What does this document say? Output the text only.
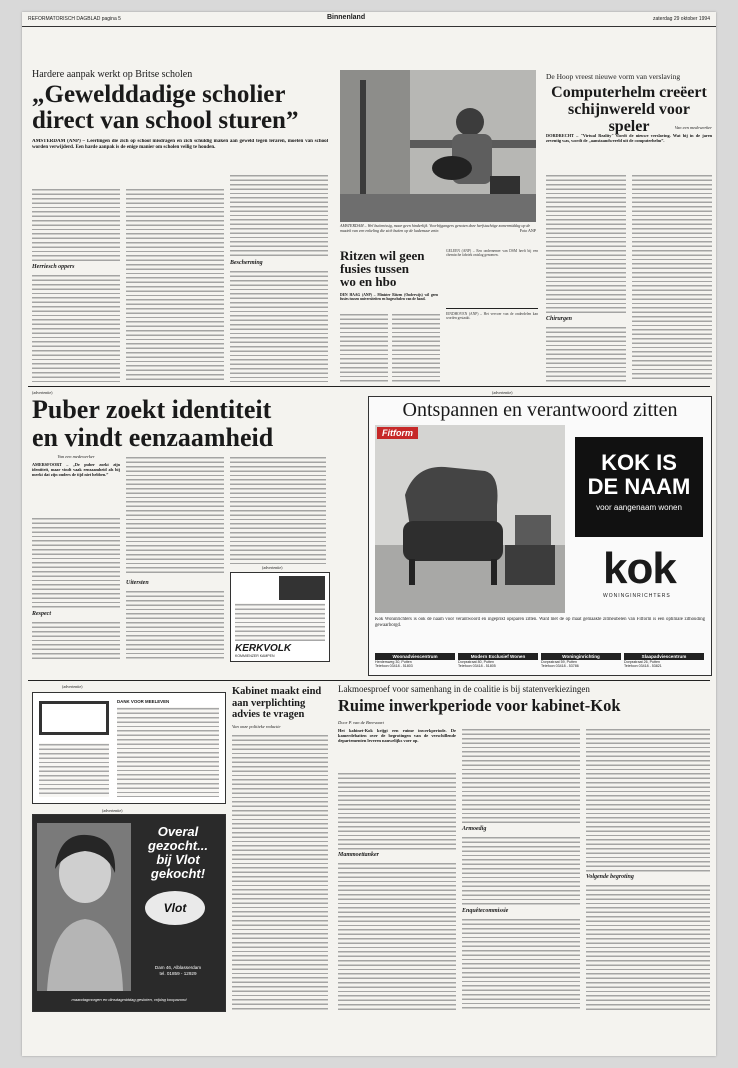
REFORMATORISCH DAGBLAD pagina 5	Binnenland	zaterdag 29 oktober 1994
Hardere aanpak werkt op Britse scholen
„Gewelddadige scholier
direct van school sturen”
AMSTERDAM (ANP) – Leerlingen die zich op school misdragen en zich schuldig maken aan geweld tegen leraren, moeten van school worden verwijderd. Een harde aanpak is de enige manier om scholen veilig te houden.
Herriesch oppers
Bescherming
AMSTERDAM – Wel buitenissig, maar geen hinderlijk. Voorbijgangers genoten deze herfstachtige zomermiddag op de muziek van een enkeling die zich buiten op de kademuur zette.	Foto ANP
Ritzen wil geen
fusies tussen
wo en hbo
DEN HAAG (ANP) – Minister Ritzen (Onderwijs) wil geen fusies tussen universiteiten en hogescholen van de hand.
GELEEN (ANP) – Een ondernemer van DSM heeft bij een chemische fabriek ontslag genomen.
EINDHOVEN (ANP) – Het vervoer van de onderdelen kan worden gestaakt.
De Hoop vreest nieuwe vorm van verslaving
Computerhelm creëert
schijnwereld voor speler	Van een medewerker
DORDRECHT – "Virtual Reality" wordt de nieuwe verslaving. Wat bij in de jaren zeventig was, wordt de „aanstaandwereld uit de computerhelm”.
Chirurgen
(advertentie)
Puber zoekt identiteit
en vindt eenzaamheid
Van een medewerker
AMERSFOORT – „De puber zoekt zijn identiteit, maar vindt vaak eenzaamheid als hij merkt dat zijn ouders de tijd niet hebben.”
Respect
Uitersten
(advertentie)
KERKVOLK
KOMMIENZER KAMPEN
(advertentie)
Ontspannen en verantwoord zitten
Fitform
KOK IS
DE NAAM
voor aangenaam wonen
kok
WONINGINRICHTERS
Kok Woninrichters is ook dé naam voor verantwoord en ingeprikt opsparen zitten. Want met de op maat gemaakte zitmeubelen van Fitform is een optimale zithouding gewaarborgd.
Woonadviescentrum
Herdersweg 30, Putten
Telefoon 03418 - 51803
Modern Exclusief Wonen
Dorpsstraat 80, Putten
Telefoon 03418 - 51805
Woninginrichting
Dorpsstraat 59, Putten
Telefoon 03418 - 53786
Slaapadviescentrum
Dorpsstraat 26, Putten
Telefoon 03418 - 53821
(advertentie)
DANK VOOR MEELEVEN
(advertentie)
Overal
gezocht...
bij Vlot
gekocht!
Vlot
Dam 46, Alblasserdam
tel. 01859 - 12929
maandagmorgen en dinsdagmiddag gesloten, vrijdag koopavond
Kabinet maakt eind
aan verplichting
advies te vragen
Van onze politieke redactie
Lakmoesproef voor samenhang in de coalitie is bij statenverkiezingen
Ruime inwerkperiode voor kabinet-Kok
Door P. van de Breevaart
Het kabinet-Kok krijgt een ruime inwerkperiode. De kamerdebatten over de begrotingen van de verschillende departementen leveren nauwelijks voer op.
Mammoettanker
Armoedig
Enquêtecommissie
Volgende begroting
